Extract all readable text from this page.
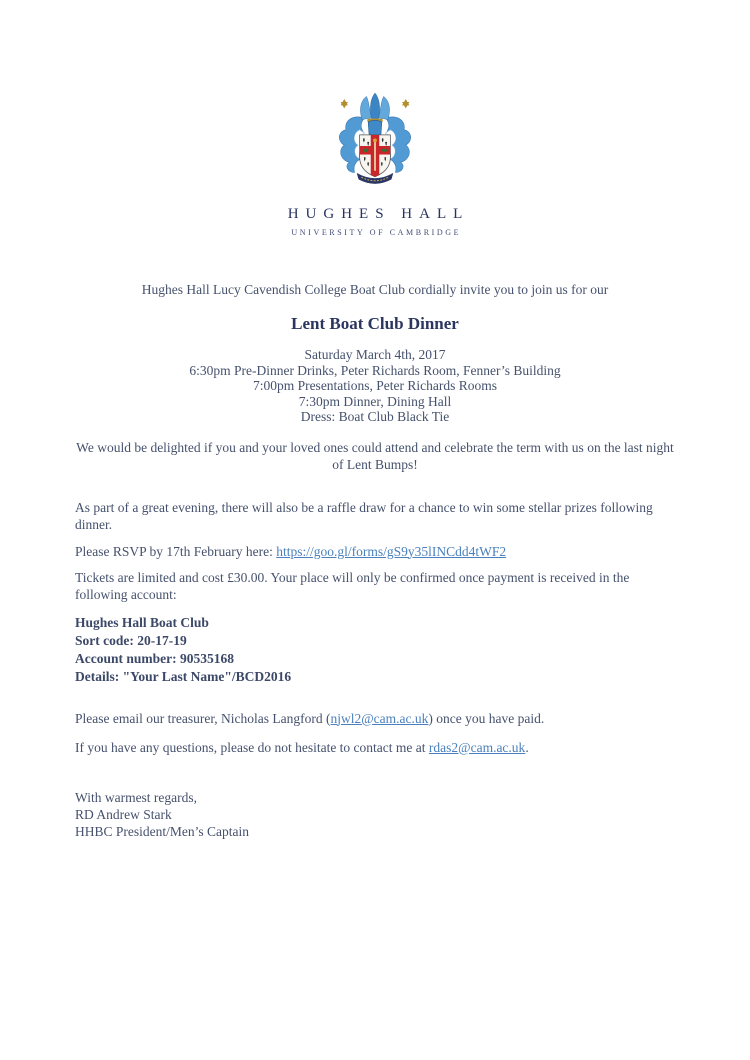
HUGHES HALL
UNIVERSITY OF CAMBRIDGE

Hughes Hall Lucy Cavendish College Boat Club cordially invite you to join us for our

Lent Boat Club Dinner
Saturday March 4th, 2017
6:30pm Pre-Dinner Drinks, Peter Richards Room, Fenner’s Building
7:00pm Presentations, Peter Richards Rooms
7:30pm Dinner, Dining Hall
Dress: Boat Club Black Tie

We would be delighted if you and your loved ones could attend and celebrate the term with us on the last night of Lent Bumps!

As part of a great evening, there will also be a raffle draw for a chance to win some stellar prizes following dinner.

Please RSVP by 17th February here: https://goo.gl/forms/gS9y35lINCdd4tWF2

Tickets are limited and cost £30.00. Your place will only be confirmed once payment is received in the following account:

Hughes Hall Boat Club
Sort code: 20-17-19
Account number: 90535168
Details: "Your Last Name"/BCD2016

Please email our treasurer, Nicholas Langford (njwl2@cam.ac.uk) once you have paid.

If you have any questions, please do not hesitate to contact me at rdas2@cam.ac.uk.

With warmest regards,
RD Andrew Stark
HHBC President/Men’s Captain
